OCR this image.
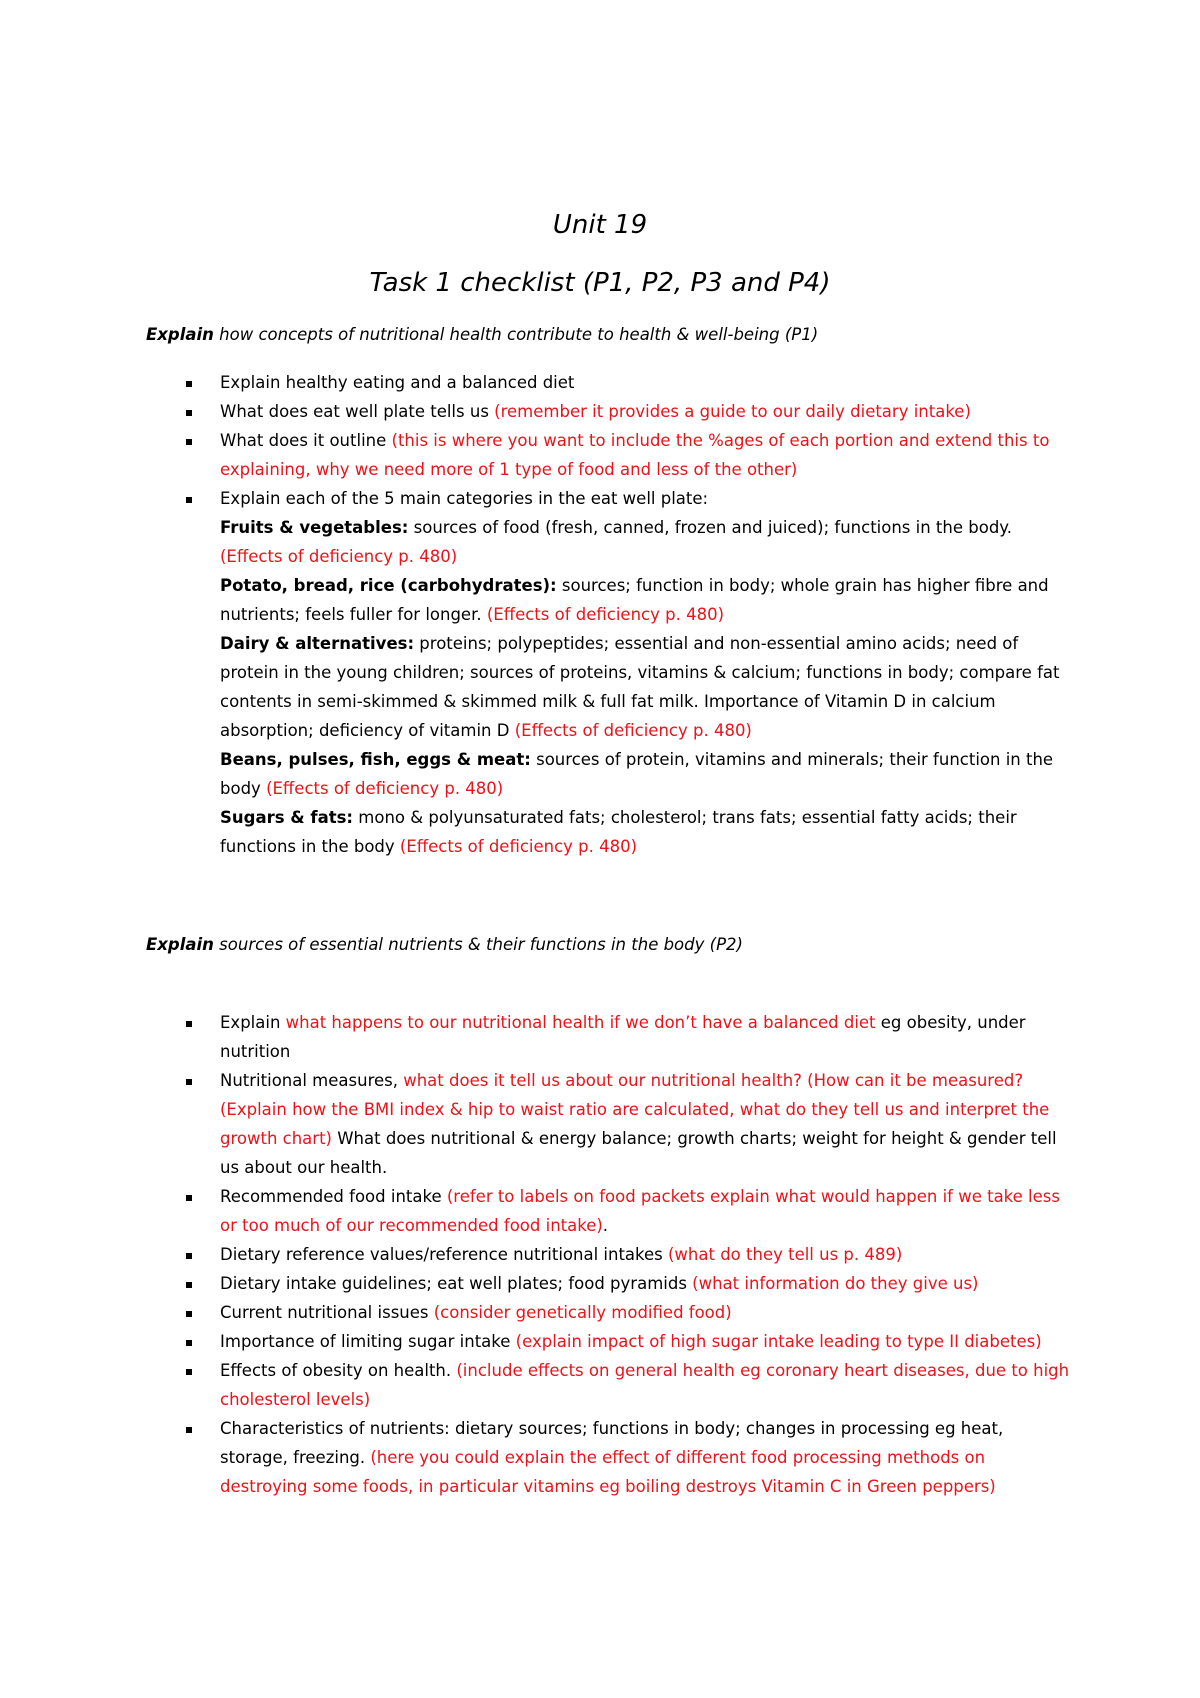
Unit 19
Task 1 checklist (P1, P2, P3 and P4)

Explain how concepts of nutritional health contribute to health & well-being (P1)

Explain healthy eating and a balanced diet
What does eat well plate tells us (remember it provides a guide to our daily dietary intake)
What does it outline (this is where you want to include the %ages of each portion and extend this to explaining, why we need more of 1 type of food and less of the other)
Explain each of the 5 main categories in the eat well plate:
Fruits & vegetables: sources of food (fresh, canned, frozen and juiced); functions in the body. (Effects of deficiency p. 480)
Potato, bread, rice (carbohydrates): sources; function in body; whole grain has higher fibre and nutrients; feels fuller for longer. (Effects of deficiency p. 480)
Dairy & alternatives: proteins; polypeptides; essential and non-essential amino acids; need of protein in the young children; sources of proteins, vitamins & calcium; functions in body; compare fat contents in semi-skimmed & skimmed milk & full fat milk. Importance of Vitamin D in calcium absorption; deficiency of vitamin D (Effects of deficiency p. 480)
Beans, pulses, fish, eggs & meat: sources of protein, vitamins and minerals; their function in the body (Effects of deficiency p. 480)
Sugars & fats: mono & polyunsaturated fats; cholesterol; trans fats; essential fatty acids; their functions in the body (Effects of deficiency p. 480)

Explain sources of essential nutrients & their functions in the body (P2)

Explain what happens to our nutritional health if we don’t have a balanced diet eg obesity, under nutrition
Nutritional measures, what does it tell us about our nutritional health? (How can it be measured? (Explain how the BMI index & hip to waist ratio are calculated, what do they tell us and interpret the growth chart) What does nutritional & energy balance; growth charts; weight for height & gender tell us about our health.
Recommended food intake (refer to labels on food packets explain what would happen if we take less or too much of our recommended food intake).
Dietary reference values/reference nutritional intakes (what do they tell us p. 489)
Dietary intake guidelines; eat well plates; food pyramids (what information do they give us)
Current nutritional issues (consider genetically modified food)
Importance of limiting sugar intake (explain impact of high sugar intake leading to type II diabetes)
Effects of obesity on health. (include effects on general health eg coronary heart diseases, due to high cholesterol levels)
Characteristics of nutrients: dietary sources; functions in body; changes in processing eg heat, storage, freezing. (here you could explain the effect of different food processing methods on destroying some foods, in particular vitamins eg boiling destroys Vitamin C in Green peppers)
